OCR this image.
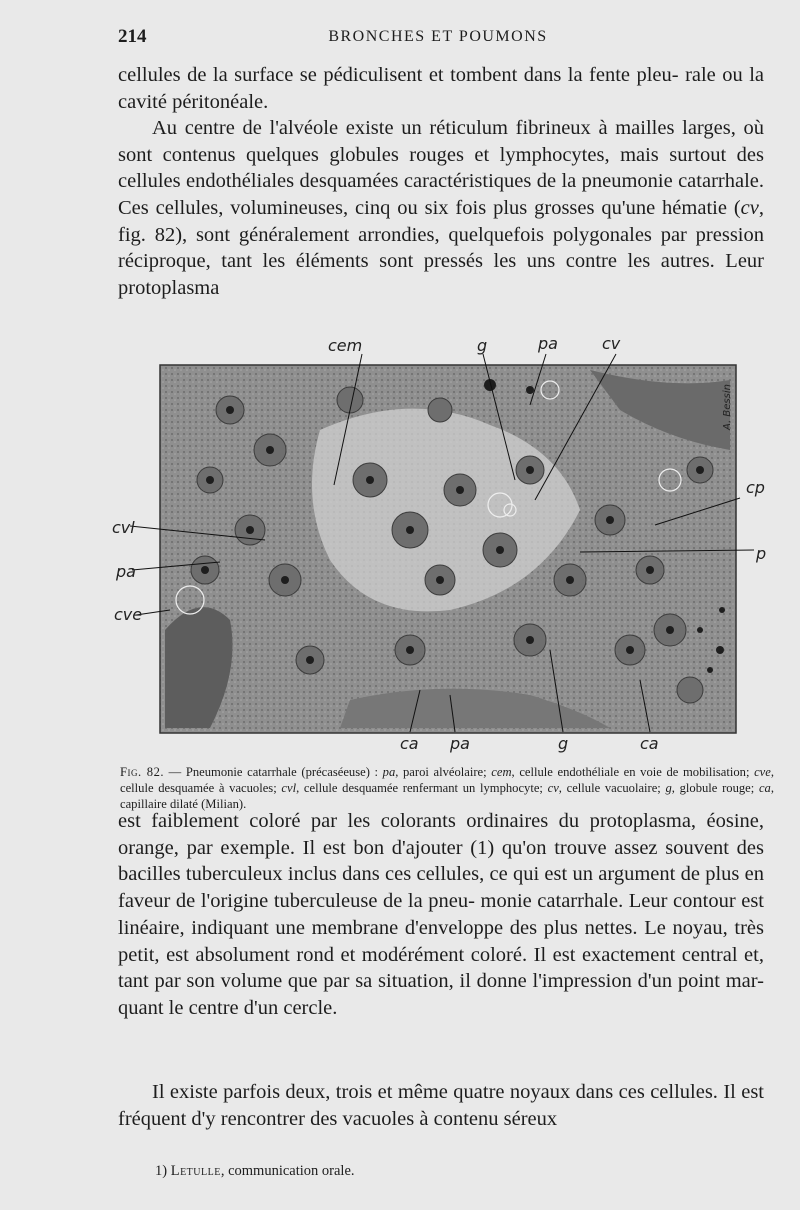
214	BRONCHES ET POUMONS

cellules de la surface se pédiculisent et tombent dans la fente pleu- rale ou la cavité péritonéale.
Au centre de l'alvéole existe un réticulum fibrineux à mailles larges, où sont contenus quelques globules rouges et lymphocytes, mais surtout des cellules endothéliales desquamées caractéristiques de la pneumonie catarrhale. Ces cellules, volumineuses, cinq ou six fois plus grosses qu'une hématie (cv, fig. 82), sont généralement arrondies, quelquefois polygonales par pression réciproque, tant les éléments sont pressés les uns contre les autres. Leur protoplasma

cem	g	pa	cv
cvl
pa
cve
cp
p
ca pa	g	ca
A. Bessin

Fig. 82. — Pneumonie catarrhale (précaséeuse) : pa, paroi alvéolaire; cem, cellule endothéliale en voie de mobilisation; cve, cellule desquamée à vacuoles; cvl, cellule desquamée renfermant un lymphocyte; cv, cellule vacuolaire; g, globule rouge; ca, capillaire dilaté (Milian).

est faiblement coloré par les colorants ordinaires du protoplasma, éosine, orange, par exemple. Il est bon d'ajouter (1) qu'on trouve assez souvent des bacilles tuberculeux inclus dans ces cellules, ce qui est un argument de plus en faveur de l'origine tuberculeuse de la pneu- monie catarrhale. Leur contour est linéaire, indiquant une membrane d'enveloppe des plus nettes. Le noyau, très petit, est absolument rond et modérément coloré. Il est exactement central et, tant par son volume que par sa situation, il donne l'impression d'un point mar- quant le centre d'un cercle.

Il existe parfois deux, trois et même quatre noyaux dans ces cellules. Il est fréquent d'y rencontrer des vacuoles à contenu séreux

1) Letulle, communication orale.
